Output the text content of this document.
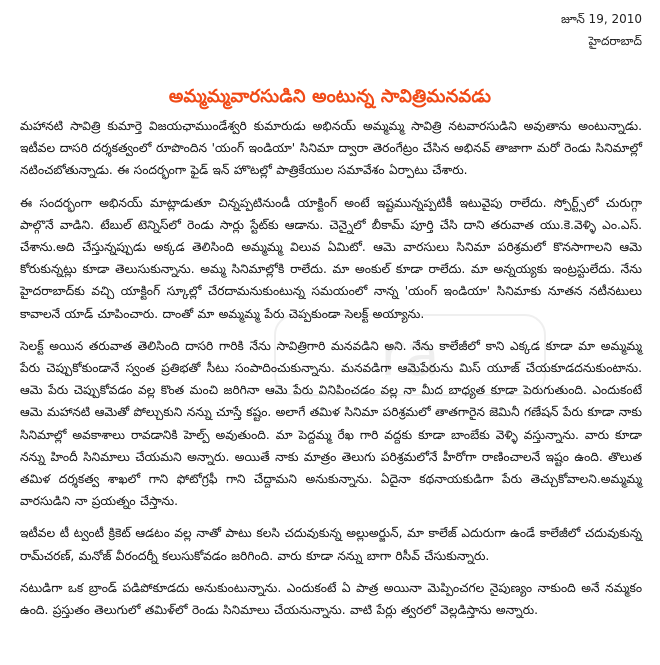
జూన్ 19, 2010
హైదరాబాద్
అమ్మమ్మవారసుడిని అంటున్న సావిత్రిమనవడు
ra

మహానటి సావిత్రి కుమార్తె విజయఛాముండేశ్వరి కుమారుడు అభినయ్ అమ్మమ్మ సావిత్రి నటవారసుడిని అవుతాను అంటున్నాడు. ఇటీవల దాసరి దర్శకత్వంలో రూపొందిన 'యంగ్ ఇండియా' సినిమా ద్వారా తెరంగేట్రం చేసిన అభినవ్ తాజాగా మరో రెండు సినిమాల్లో నటించబోతున్నాడు. ఈ సందర్భంగా ఫైడ్ ఇన్ హొటల్లో పాత్రికేయుల సమావేశం ఏర్పాటు చేశారు.

ఈ సందర్భంగా అభినయ్ మాట్లాడుతూ చిన్నప్పటినుండీ యాక్టింగ్ అంటే ఇష్టమున్నప్పటికీ ఇటువైపు రాలేదు. స్పోర్ట్స్‌లో చురుగ్గా పాల్గొనే వాడిని. టేబుల్ టెన్నిస్‌లో రెండు సార్లు స్టేట్‌కు ఆడాను. చెన్నైలో బీకామ్ పూర్తి చేసి దాని తరువాత యు.కె.వెళ్ళి ఎం.ఎస్. చేశాను.అది చేస్తున్నప్పుడు అక్కడ తెలిసింది అమ్మమ్మ విలువ ఏమిటో. ఆమె వారసులు సినిమా పరిశ్రమలో కొనసాగాలని ఆమె కోరుకున్నట్లు కూడా తెలుసుకున్నాను. అమ్మ సినిమాల్లోకి రాలేదు. మా అంకుల్ కూడా రాలేదు. మా అన్నయ్యకు ఇంట్రస్టులేదు. నేను హైదరాబాద్‌కు వచ్చి యాక్టింగ్ స్కూల్లో చేరదామనుకుంటున్న సమయంలో నాన్న 'యంగ్ ఇండియా' సినిమాకు నూతన నటీనటులు కావాలనే యాడ్ చూపించారు. దాంతో మా అమ్మమ్మ పేరు చెప్పకుండా సెలక్ట్ అయ్యాను.

సెలక్ట్ అయిన తరువాత తెలిసింది దాసరి గారికి నేను సావిత్రిగారి మనవడిని అని. నేను కాలేజీలో కాని ఎక్కడ కూడా మా అమ్మమ్మ పేరు చెప్పుకోకుండానే స్వంత ప్రతిభతో సీటు సంపాదించుకున్నాను. మనవడిగా ఆమెపేరును మిస్ యూజ్ చేయకూడదనుకుంటాను. ఆమె పేరు చెప్పుకోవడం వల్ల కొంత మంచి జరిగినా ఆమె పేరు వినిపించడం వల్ల నా మీద బాధ్యత కూడా పెరుగుతుంది. ఎందుకంటే ఆమె మహానటి ఆమెతో పోల్చుకుని నన్ను చూస్తే కష్టం. అలాగే తమిళ సినిమా పరిశ్రమలో తాతగారైన జెమినీ గణేషన్ పేరు కూడా నాకు సినిమాల్లో అవకాశాలు రావడానికి హెల్ప్ అవుతుంది. మా పెద్దమ్మ రేఖ గారి వద్దకు కూడా బాంబేకు వెళ్ళి వస్తున్నాను. వారు కూడా నన్ను హిందీ సినిమాలు చేయమని అన్నారు. అయితే నాకు మాత్రం తెలుగు పరిశ్రమలోనే హీరోగా రాణించాలనే ఇష్టం ఉంది. తొలుత తమిళ దర్శకత్వ శాఖలో గాని ఫోటోగ్రఫీ గాని చేద్దామని అనుకున్నాను. ఏదైనా కథనాయకుడిగా పేరు తెచ్చుకోవాలని.అమ్మమ్మ వారసుడిని నా ప్రయత్నం చేస్తాను.

ఇటీవల టీ ట్వంటీ క్రికెట్ ఆడటం వల్ల నాతో పాటు కలసి చదువుకున్న అల్లుఅర్జున్, మా కాలేజ్ ఎదురుగా ఉండే కాలేజీలో చదువుకున్న రామ్‌చరణ్, మనోజ్ వీరందర్నీ కలుసుకోవడం జరిగింది. వారు కూడా నన్ను బాగా రిసీవ్ చేసుకున్నారు.

నటుడిగా ఒక బ్రాండ్ పడిపోకూడదు అనుకుంటున్నాను. ఎందుకంటే ఏ పాత్ర అయినా మెప్పించగల నైపుణ్యం నాకుంది అనే నమ్మకం ఉంది. ప్రస్తుతం తెలుగులో తమిళ్‌లో రెండు సినిమాలు చేయనున్నాను. వాటి పేర్లు త్వరలో వెల్లడిస్తాను అన్నారు.
